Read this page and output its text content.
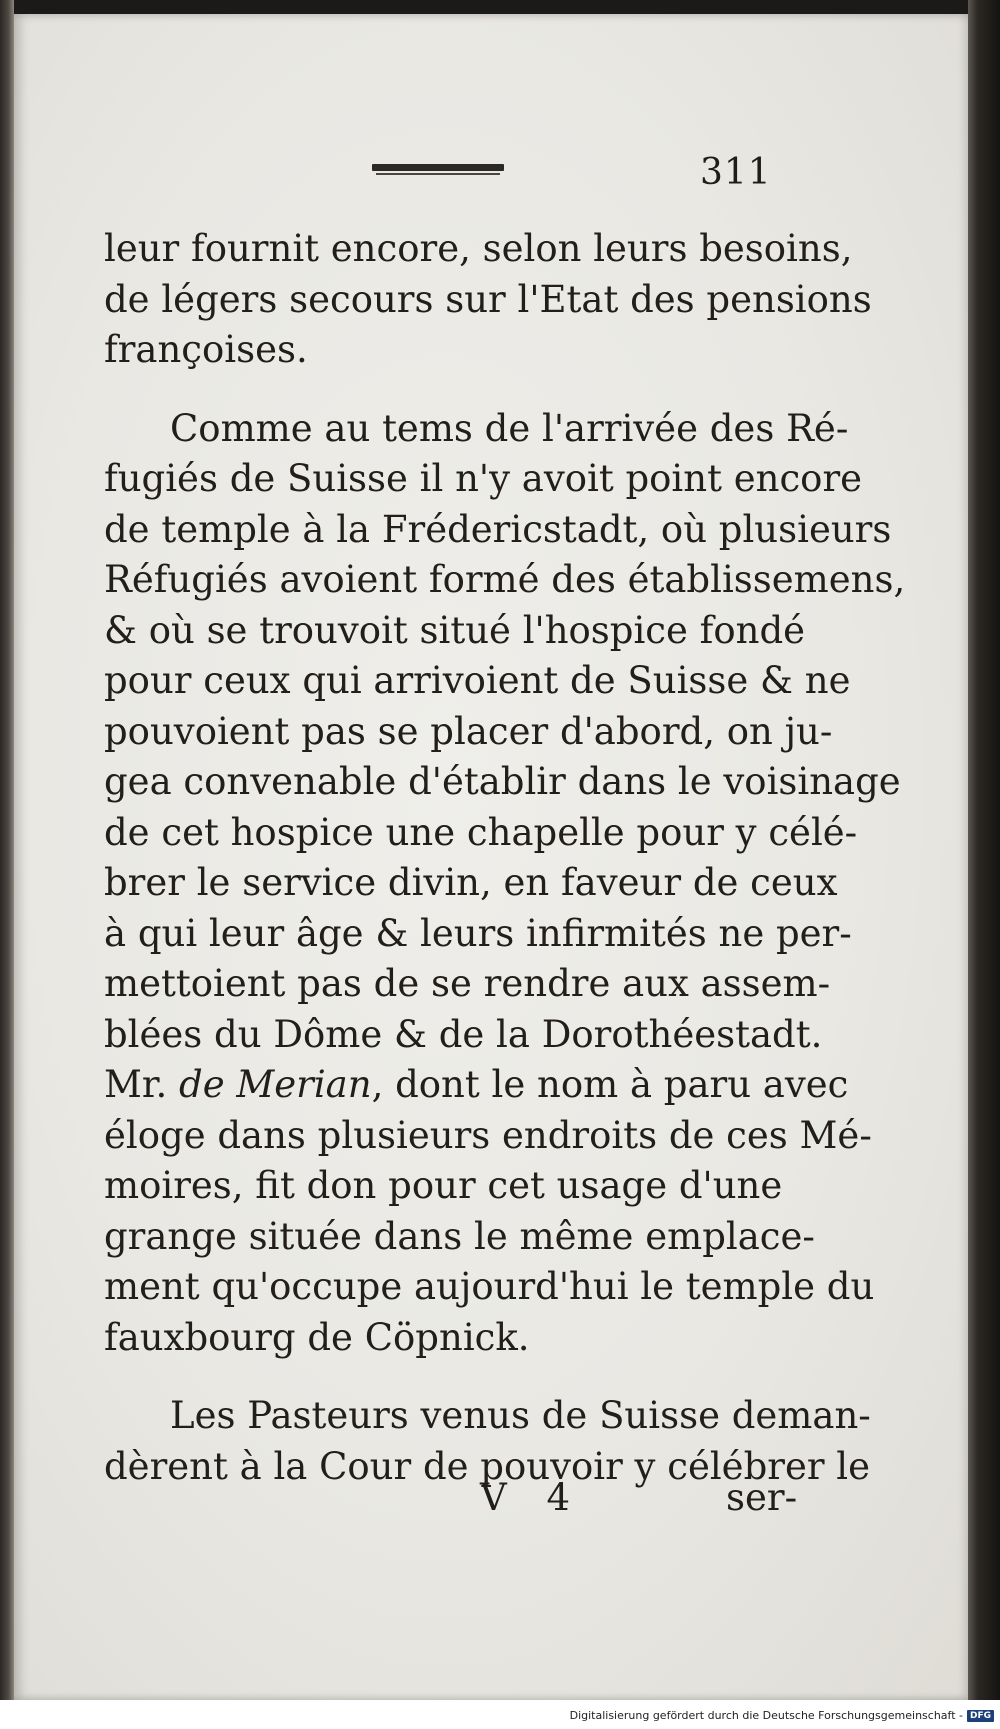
311
leur fournit encore, selon leurs besoins,
de légers secours sur l'Etat des pensions
françoises.
Comme au tems de l'arrivée des Ré-
fugiés de Suisse il n'y avoit point encore
de temple à la Frédericstadt, où plusieurs
Réfugiés avoient formé des établissemens,
& où se trouvoit situé l'hospice fondé
pour ceux qui arrivoient de Suisse & ne
pouvoient pas se placer d'abord, on ju-
gea convenable d'établir dans le voisinage
de cet hospice une chapelle pour y célé-
brer le service divin, en faveur de ceux
à qui leur âge & leurs infirmités ne per-
mettoient pas de se rendre aux assem-
blées du Dôme & de la Dorothéestadt.
Mr. de Merian, dont le nom à paru avec
éloge dans plusieurs endroits de ces Mé-
moires, fit don pour cet usage d'une
grange située dans le même emplace-
ment qu'occupe aujourd'hui le temple du
fauxbourg de Cöpnick.
Les Pasteurs venus de Suisse deman-
dèrent à la Cour de pouvoir y célébrer le
V 4	ser-
Digitalisierung gefördert durch die Deutsche Forschungsgemeinschaft - DFG
